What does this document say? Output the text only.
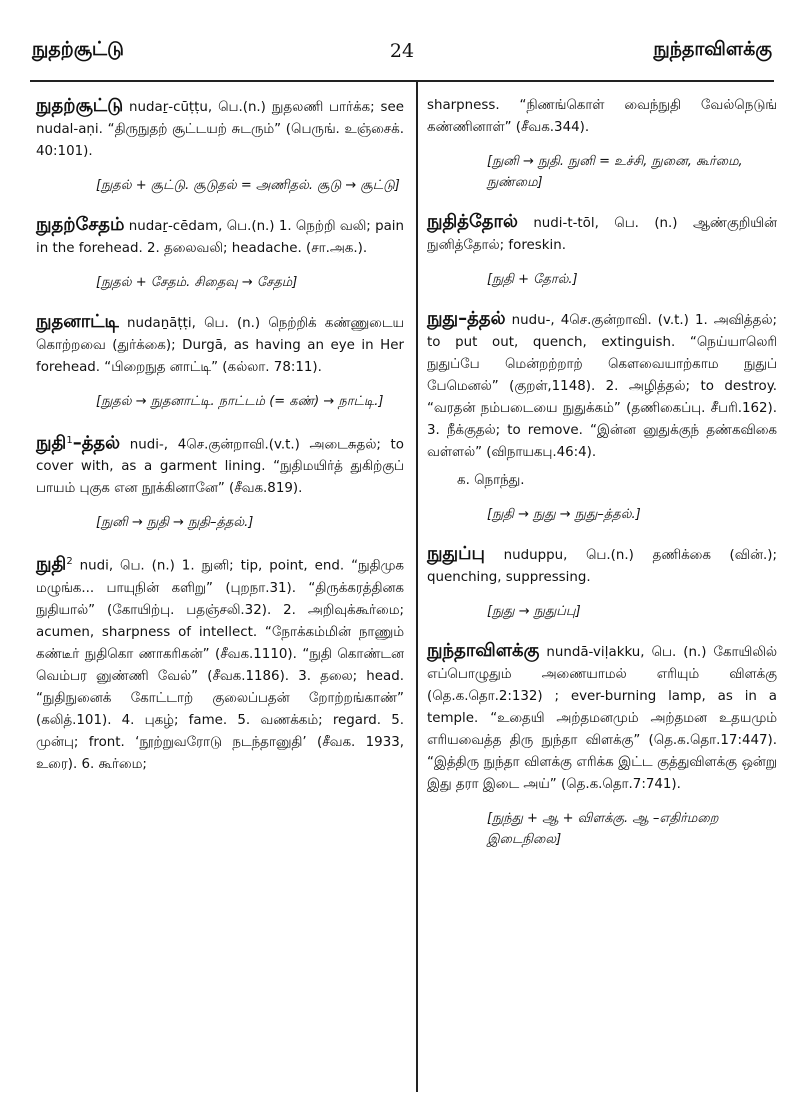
நுதற்சூட்டு	24	நுந்தாவிளக்கு
நுதற்சூட்டு nudaṟ-cūṭṭu, பெ.(n.) நுதலணி பார்க்க; see nudal-aṇi. “திருநுதற் சூட்டயற் சுடரும்” (பெருங். உஞ்சைக். 40:101).
[நுதல் + சூட்டு. சூடுதல் = அணிதல். சூடு → சூட்டு]
நுதற்சேதம் nudaṟ-cēdam, பெ.(n.) 1. நெற்றி வலி; pain in the forehead. 2. தலைவலி; headache. (சா.அக.).
[நுதல் + சேதம். சிதைவு → சேதம்]
நுதனாட்டி nudaṉāṭṭi, பெ. (n.) நெற்றிக் கண்ணுடைய கொற்றவை (துர்க்கை); Durgā, as having an eye in Her forehead. “பிறைநுத னாட்டி” (கல்லா. 78:11).
[நுதல் → நுதனாட்டி. நாட்டம் (= கண்) → நாட்டி.]
நுதி$^1$–த்தல் nudi-, 4செ.குன்றாவி.(v.t.) அடைசுதல்; to cover with, as a garment lining. “நுதிமயிர்த் துகிற்குப் பாயம் புகுக என நூக்கினானே” (சீவக.819).
[நுனி → நுதி → நுதி–த்தல்.]
நுதி$^2$ nudi, பெ. (n.) 1. நுனி; tip, point, end. “நுதிமுக மழுங்க... பாயுநின் களிறு” (புறநா.31). “திருக்கரத்தினக நுதியால்” (கோயிற்பு. பதஞ்சலி.32). 2. அறிவுக்கூர்மை; acumen, sharpness of intellect. “நோக்கம்மின் நாணும் கண்டீர் நுதிகொ ணாகரிகன்” (சீவக.1110). “நுதி கொண்டன வெம்பர னுண்ணி வேல்” (சீவக.1186). 3. தலை; head. “நுதிநுனைக் கோட்டாற் குலைப்பதன் றோற்றங்காண்” (கலித்.101). 4. புகழ்; fame. 5. வணக்கம்; regard. 5. முன்பு; front. ‘நூற்றுவரோடு நடந்தானுதி’ (சீவக. 1933, உரை). 6. கூர்மை;
sharpness. “நிணங்கொள் வைந்நுதி வேல்நெடுங் கண்ணினாள்” (சீவக.344).
[நுனி → நுதி. நுனி = உச்சி, நுனை, கூர்மை, நுண்மை]
நுதித்தோல் nudi-t-tōl, பெ. (n.) ஆண்குறியின் நுனித்தோல்; foreskin.
[நுதி + தோல்.]
நுது–த்தல் nudu-, 4செ.குன்றாவி. (v.t.) 1. அவித்தல்; to put out, quench, extinguish. “நெய்யாலெரி நுதுப்பே மென்றற்றாற் கௌவையாற்காம நுதுப் பேமெனல்” (குறள்,1148). 2. அழித்தல்; to destroy. “வரதன் நம்படையை நுதுக்கம்” (தணிகைப்பு. சீபரி.162). 3. நீக்குதல்; to remove. “இன்ன னுதுக்குந் தண்கவிகை வள்ளல்” (விநாயகபு.46:4).
க. நொந்து.
[நுதி → நுது → நுது–த்தல்.]
நுதுப்பு nuduppu, பெ.(n.) தணிக்கை (வின்.); quenching, suppressing.
[நுது → நுதுப்பு]
நுந்தாவிளக்கு nundā-viḷakku, பெ. (n.) கோயிலில் எப்பொழுதும் அணையாமல் எரியும் விளக்கு (தெ.க.தொ.2:132) ; ever-burning lamp, as in a temple. “உதையி அற்தமனமும் அற்தமன உதயமும் எரியவைத்த திரு நுந்தா விளக்கு” (தெ.க.தொ.17:447). “இத்திரு நுந்தா விளக்கு எரிக்க இட்ட குத்துவிளக்கு ஒன்று இது தரா இடை அய்” (தெ.க.தொ.7:741).
[நுந்து + ஆ + விளக்கு. ஆ –எதிர்மறை இடைநிலை]
